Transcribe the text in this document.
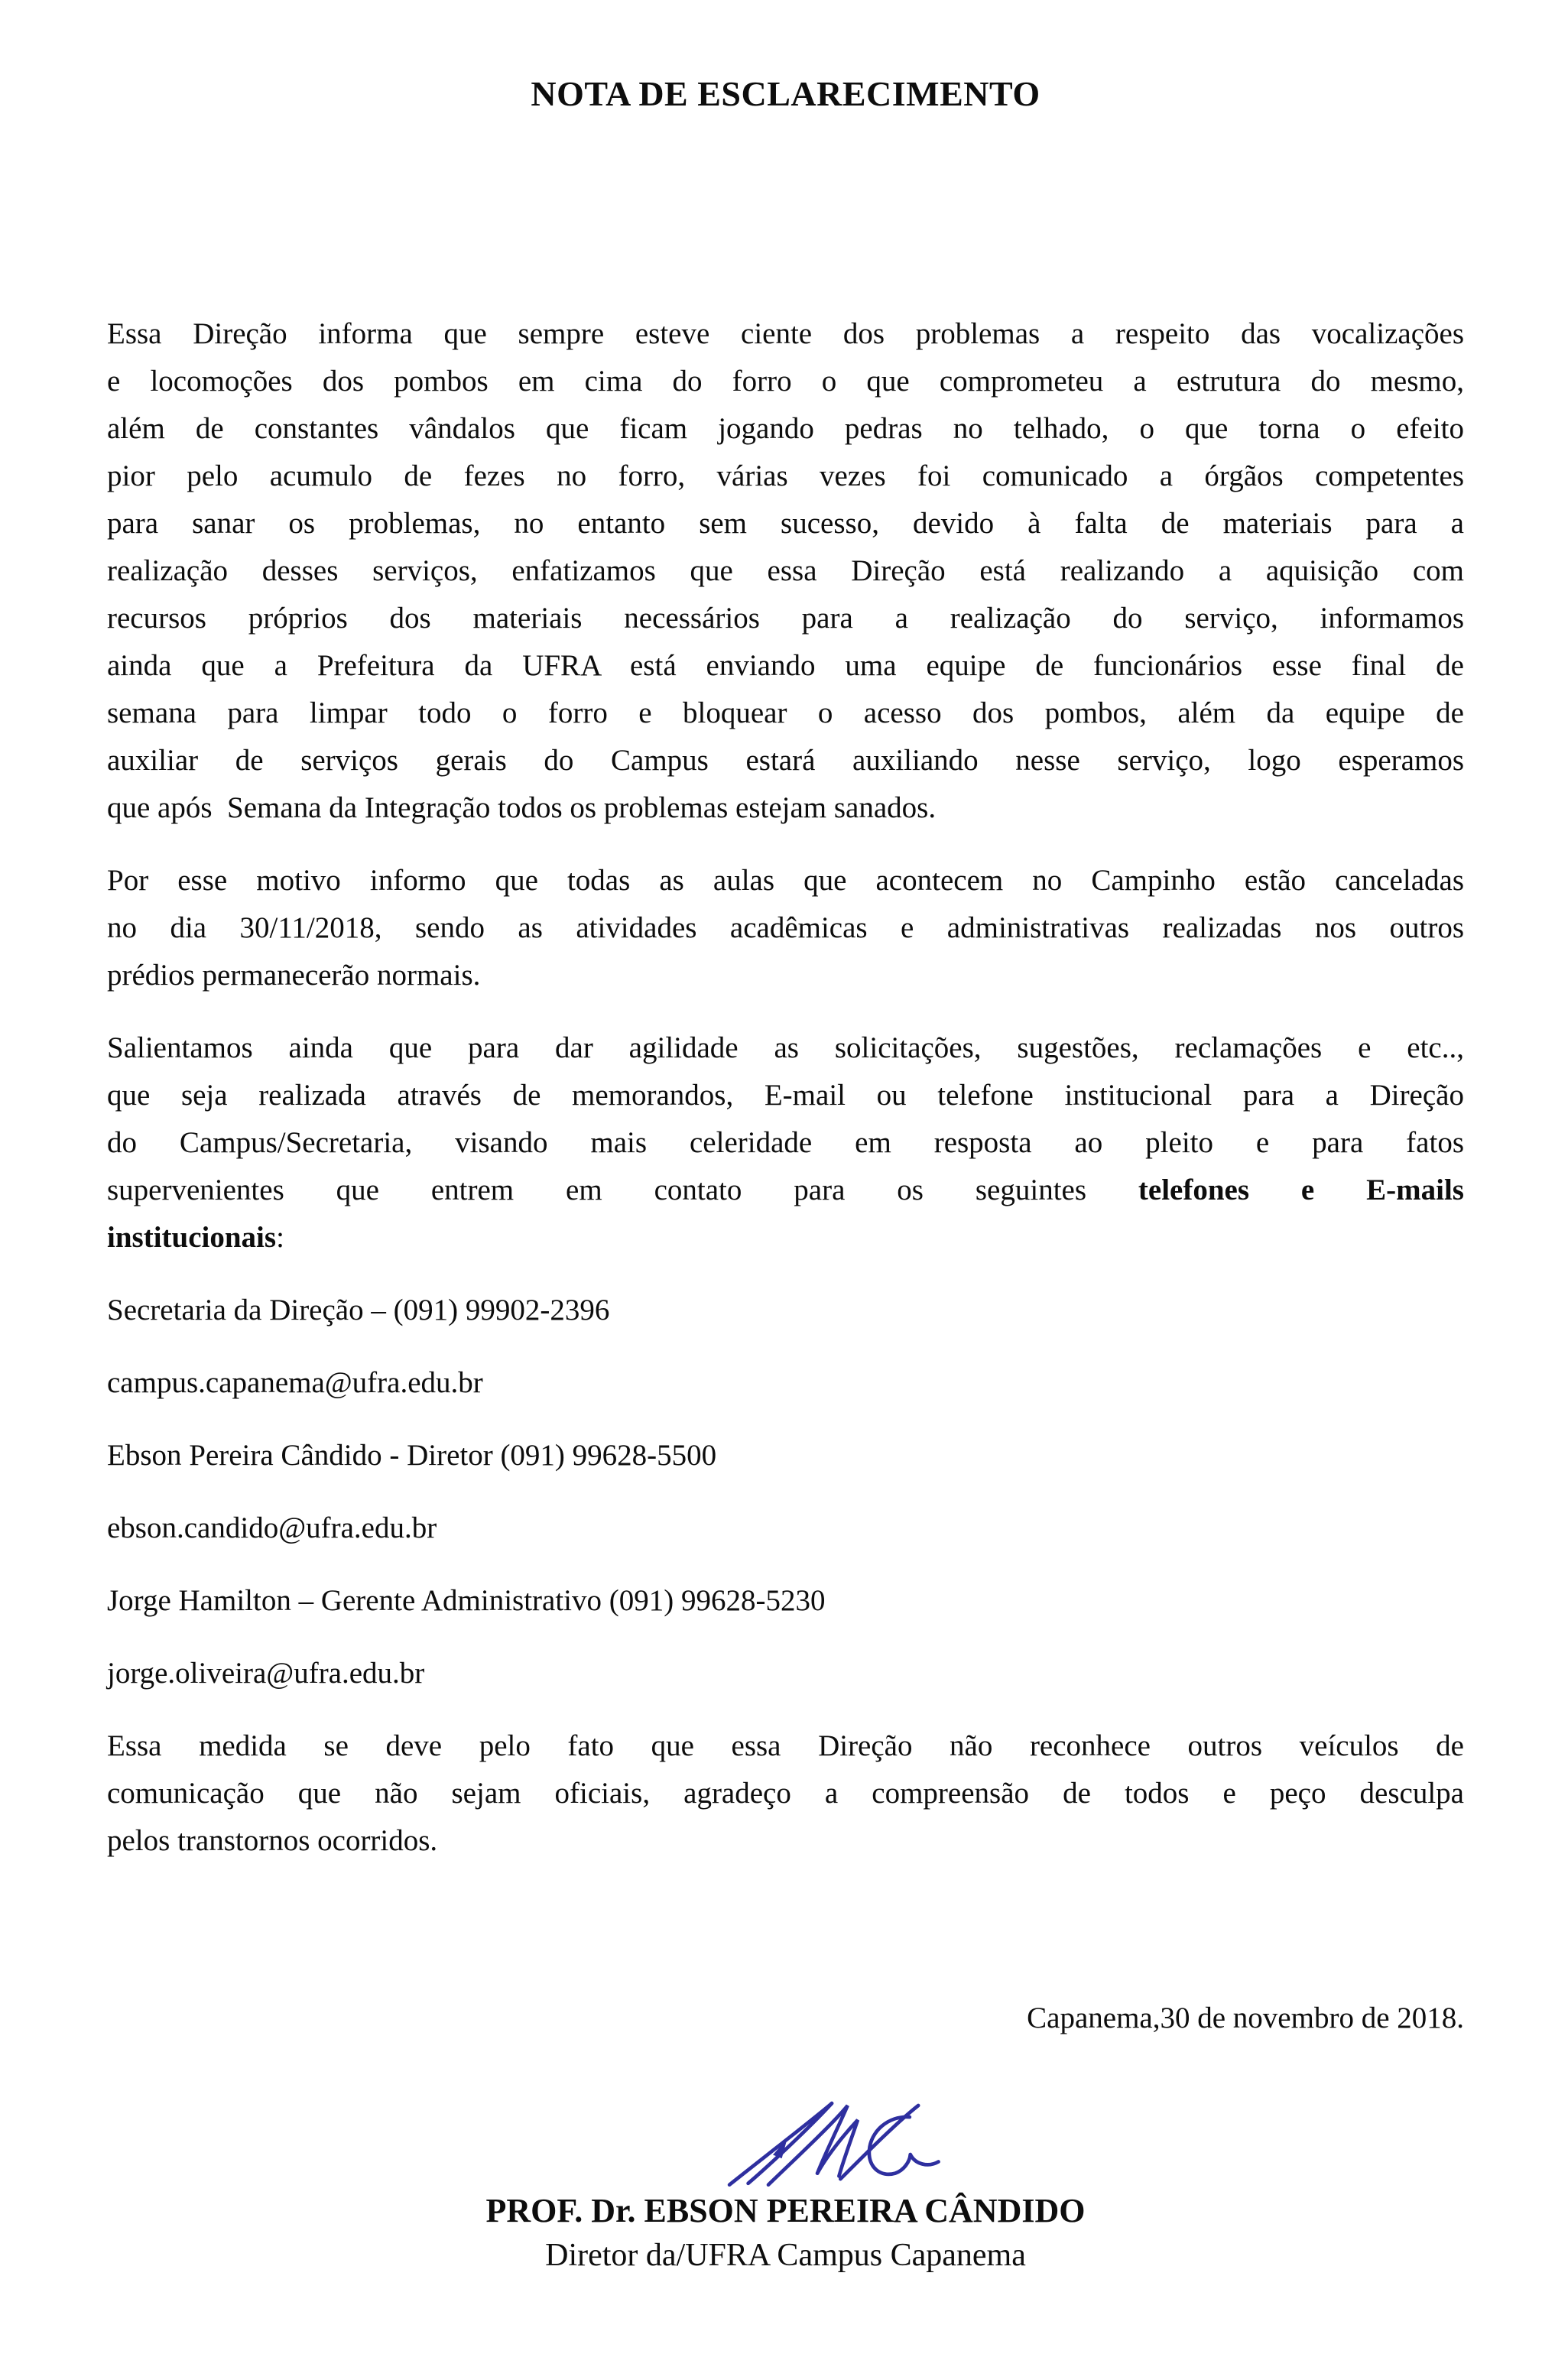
NOTA DE ESCLARECIMENTO
Essa Direção informa que sempre esteve ciente dos problemas a respeito das vocalizações
e locomoções dos pombos em cima do forro o que comprometeu a estrutura do mesmo,
além de constantes vândalos que ficam jogando pedras no telhado, o que torna o efeito
pior pelo acumulo de fezes no forro, várias vezes foi comunicado a órgãos competentes
para sanar os problemas, no entanto sem sucesso, devido à falta de materiais para a
realização desses serviços, enfatizamos que essa Direção está realizando a aquisição com
recursos próprios dos materiais necessários para a realização do serviço, informamos
ainda que a Prefeitura da UFRA está enviando uma equipe de funcionários esse final de
semana para limpar todo o forro e bloquear o acesso dos pombos, além da equipe de
auxiliar de serviços gerais do Campus estará auxiliando nesse serviço, logo esperamos
que após  Semana da Integração todos os problemas estejam sanados.
Por esse motivo informo que todas as aulas que acontecem no Campinho estão canceladas
no dia 30/11/2018, sendo as atividades acadêmicas e administrativas realizadas nos outros
prédios permanecerão normais.
Salientamos ainda que para dar agilidade as solicitações, sugestões, reclamações e etc..,
que seja realizada através de memorandos, E-mail ou telefone institucional para a Direção
do Campus/Secretaria, visando mais celeridade em resposta ao pleito e para fatos
supervenientes que entrem em contato para os seguintes telefones e E-mails
institucionais:
Secretaria da Direção – (091) 99902-2396
campus.capanema@ufra.edu.br
Ebson Pereira Cândido - Diretor (091) 99628-5500
ebson.candido@ufra.edu.br
Jorge Hamilton – Gerente Administrativo (091) 99628-5230
jorge.oliveira@ufra.edu.br
Essa medida se deve pelo fato que essa Direção não reconhece outros veículos de
comunicação que não sejam oficiais, agradeço a compreensão de todos e peço desculpa
pelos transtornos ocorridos.
Capanema,30 de novembro de 2018.
PROF. Dr. EBSON PEREIRA CÂNDIDO
Diretor da/UFRA Campus Capanema
